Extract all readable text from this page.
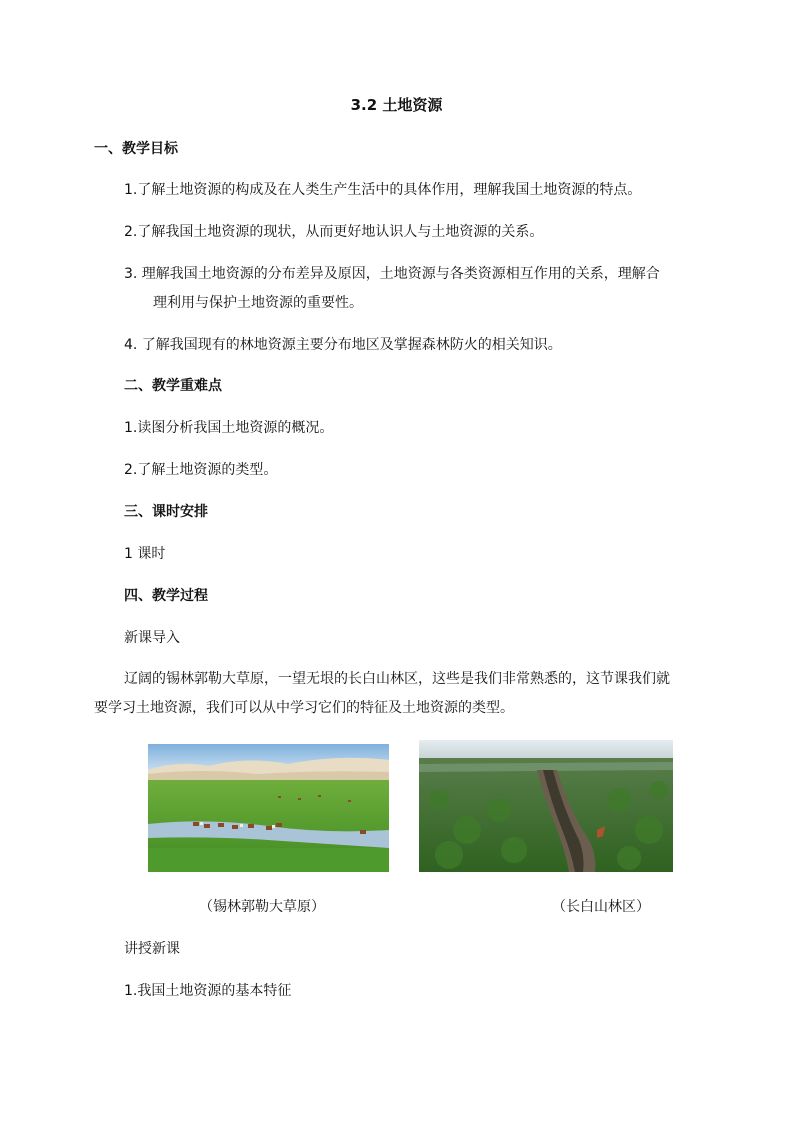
3.2 土地资源
一、教学目标
1.了解土地资源的构成及在人类生产生活中的具体作用，理解我国土地资源的特点。
2.了解我国土地资源的现状，从而更好地认识人与土地资源的关系。
3. 理解我国土地资源的分布差异及原因，土地资源与各类资源相互作用的关系，理解合
理利用与保护土地资源的重要性。
4. 了解我国现有的林地资源主要分布地区及掌握森林防火的相关知识。
二、教学重难点
1.读图分析我国土地资源的概况。
2.了解土地资源的类型。
三、课时安排
1 课时
四、教学过程
新课导入
辽阔的锡林郭勒大草原，一望无垠的长白山林区，这些是我们非常熟悉的，这节课我们就
要学习土地资源，我们可以从中学习它们的特征及土地资源的类型。
（锡林郭勒大草原）	（长白山林区）
讲授新课
1.我国土地资源的基本特征
